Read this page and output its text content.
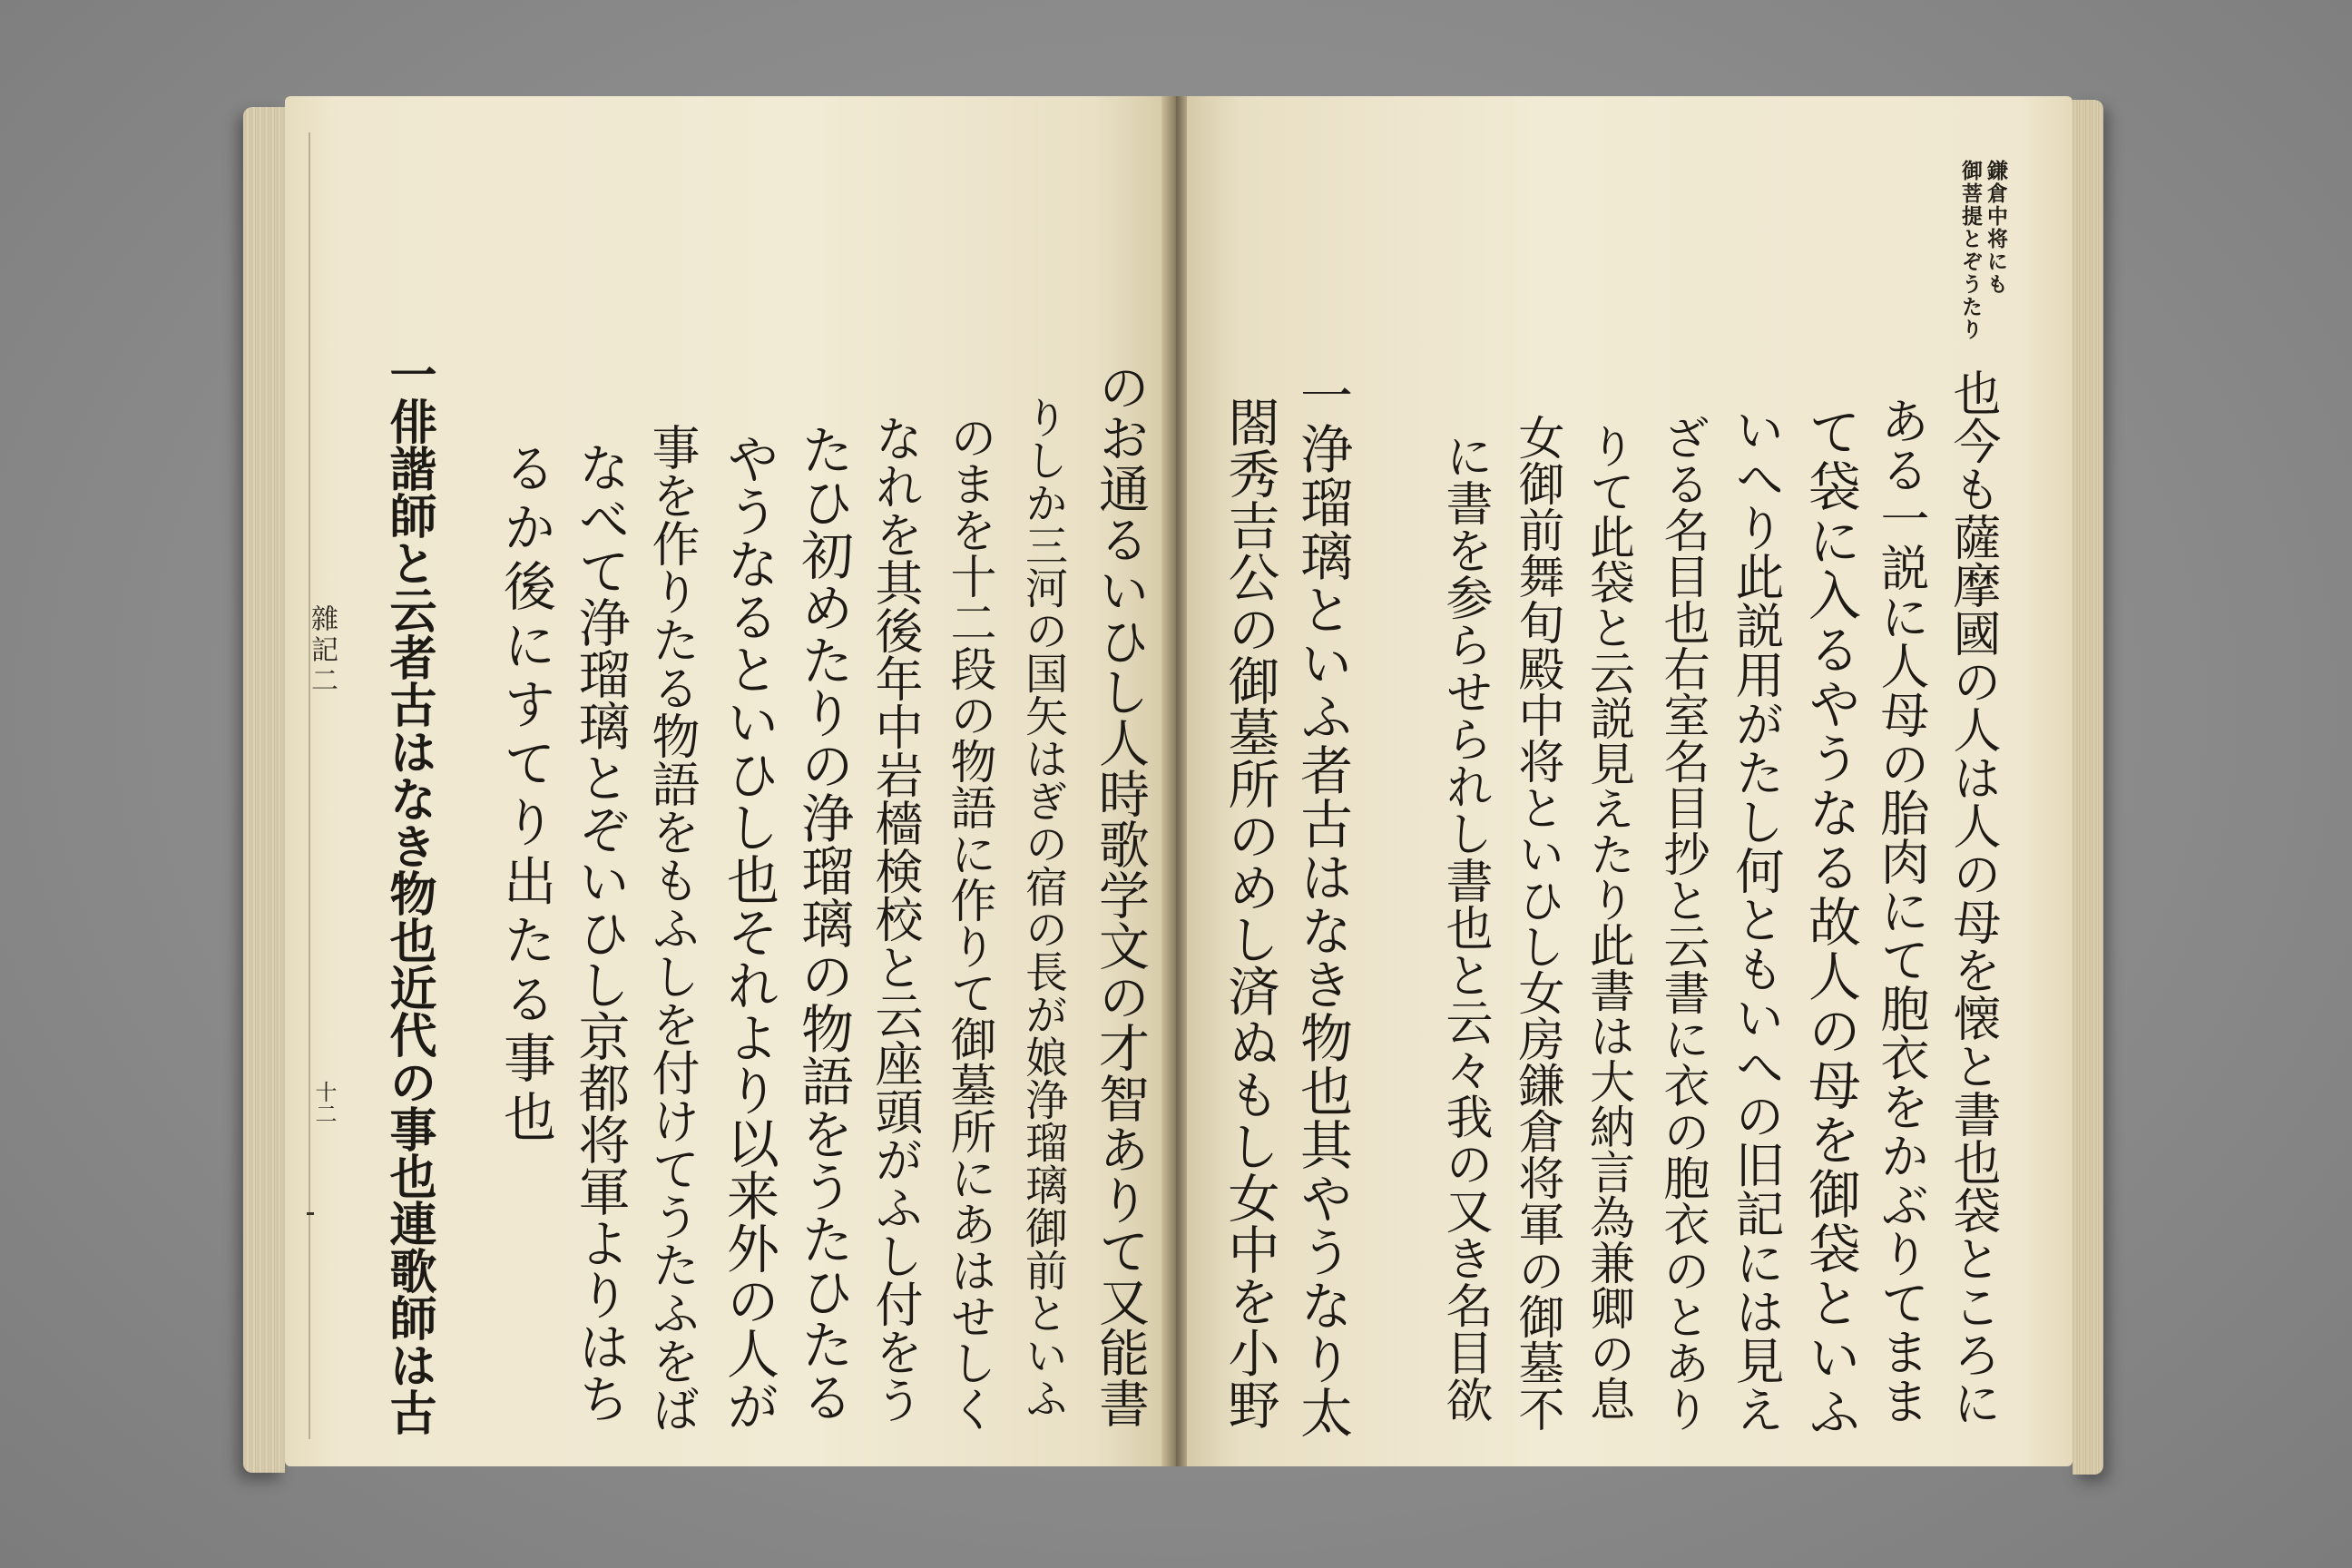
雜記二
十二	のお通るいひし人時歌学文の才智ありて又能書
りしか三河の国矢はぎの宿の長が娘浄瑠璃御前といふ
のまを十二段の物語に作りて御墓所にあはせしく
なれを其後年中岩檣検校と云座頭がふし付をう
たひ初めたりの浄瑠璃の物語をうたひたる
やうなるといひし也それより以来外の人が
事を作りたる物語をもふしを付けてうたふをば
なべて浄瑠璃とぞいひし京都将軍よりはち
るか後にすてり出たる事也
一俳諧師と云者古はなき物也近代の事也連歌師は古
鎌倉中将にも
御菩提とぞうたり
也今も薩摩國の人は人の母を懐と書也袋ところに
ある一説に人母の胎肉にて胞衣をかぶりてまま
て袋に入るやうなる故人の母を御袋といふ
いへり此説用がたし何ともいへの旧記には見え
ざる名目也右室名目抄と云書に衣の胞衣のとあり
りて此袋と云説見えたり此書は大納言為兼卿の息
女御前舞旬殿中将といひし女房鎌倉将軍の御墓不
に書を参らせられし書也と云々我の又き名目欲
一浄瑠璃といふ者古はなき物也其やうなり太
閤秀吉公の御墓所のめし済ぬもし女中を小野
